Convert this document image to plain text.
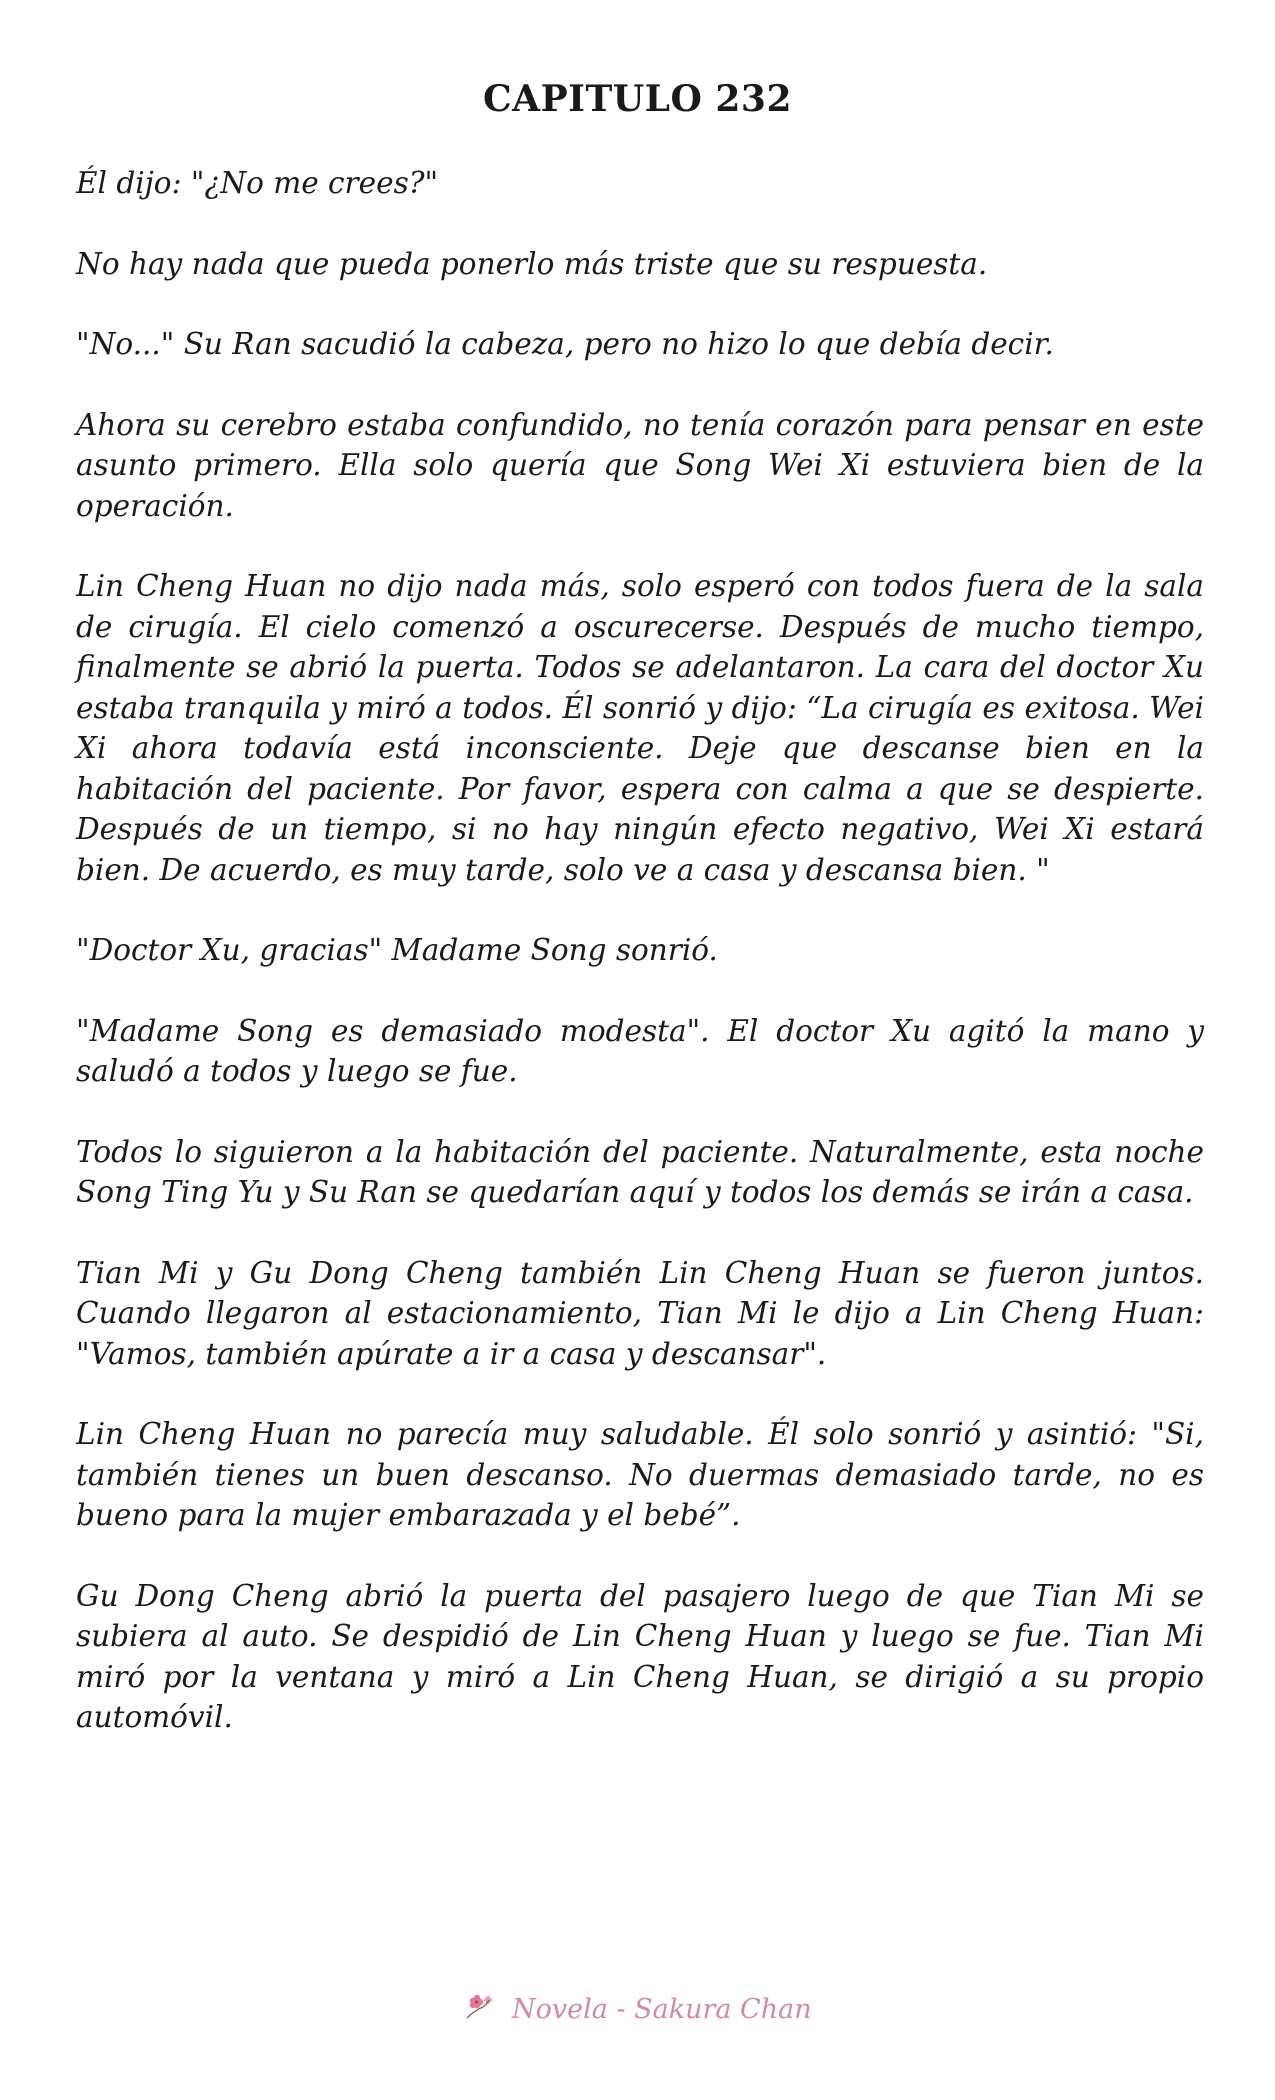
CAPITULO 232

Él dijo: "¿No me crees?"

No hay nada que pueda ponerlo más triste que su respuesta.

"No..." Su Ran sacudió la cabeza, pero no hizo lo que debía decir.

Ahora su cerebro estaba confundido, no tenía corazón para pensar en este asunto primero. Ella solo quería que Song Wei Xi estuviera bien de la operación.

Lin Cheng Huan no dijo nada más, solo esperó con todos fuera de la sala de cirugía. El cielo comenzó a oscurecerse. Después de mucho tiempo, finalmente se abrió la puerta. Todos se adelantaron. La cara del doctor Xu estaba tranquila y miró a todos. Él sonrió y dijo: “La cirugía es exitosa. Wei Xi ahora todavía está inconsciente. Deje que descanse bien en la habitación del paciente. Por favor, espera con calma a que se despierte. Después de un tiempo, si no hay ningún efecto negativo, Wei Xi estará bien. De acuerdo, es muy tarde, solo ve a casa y descansa bien. "

"Doctor Xu, gracias" Madame Song sonrió.

"Madame Song es demasiado modesta". El doctor Xu agitó la mano y saludó a todos y luego se fue.

Todos lo siguieron a la habitación del paciente. Naturalmente, esta noche Song Ting Yu y Su Ran se quedarían aquí y todos los demás se irán a casa.

Tian Mi y Gu Dong Cheng también Lin Cheng Huan se fueron juntos. Cuando llegaron al estacionamiento, Tian Mi le dijo a Lin Cheng Huan: "Vamos, también apúrate a ir a casa y descansar".

Lin Cheng Huan no parecía muy saludable. Él solo sonrió y asintió: "Si, también tienes un buen descanso. No duermas demasiado tarde, no es bueno para la mujer embarazada y el bebé”.

Gu Dong Cheng abrió la puerta del pasajero luego de que Tian Mi se subiera al auto. Se despidió de Lin Cheng Huan y luego se fue. Tian Mi miró por la ventana y miró a Lin Cheng Huan, se dirigió a su propio automóvil.

Novela - Sakura Chan
